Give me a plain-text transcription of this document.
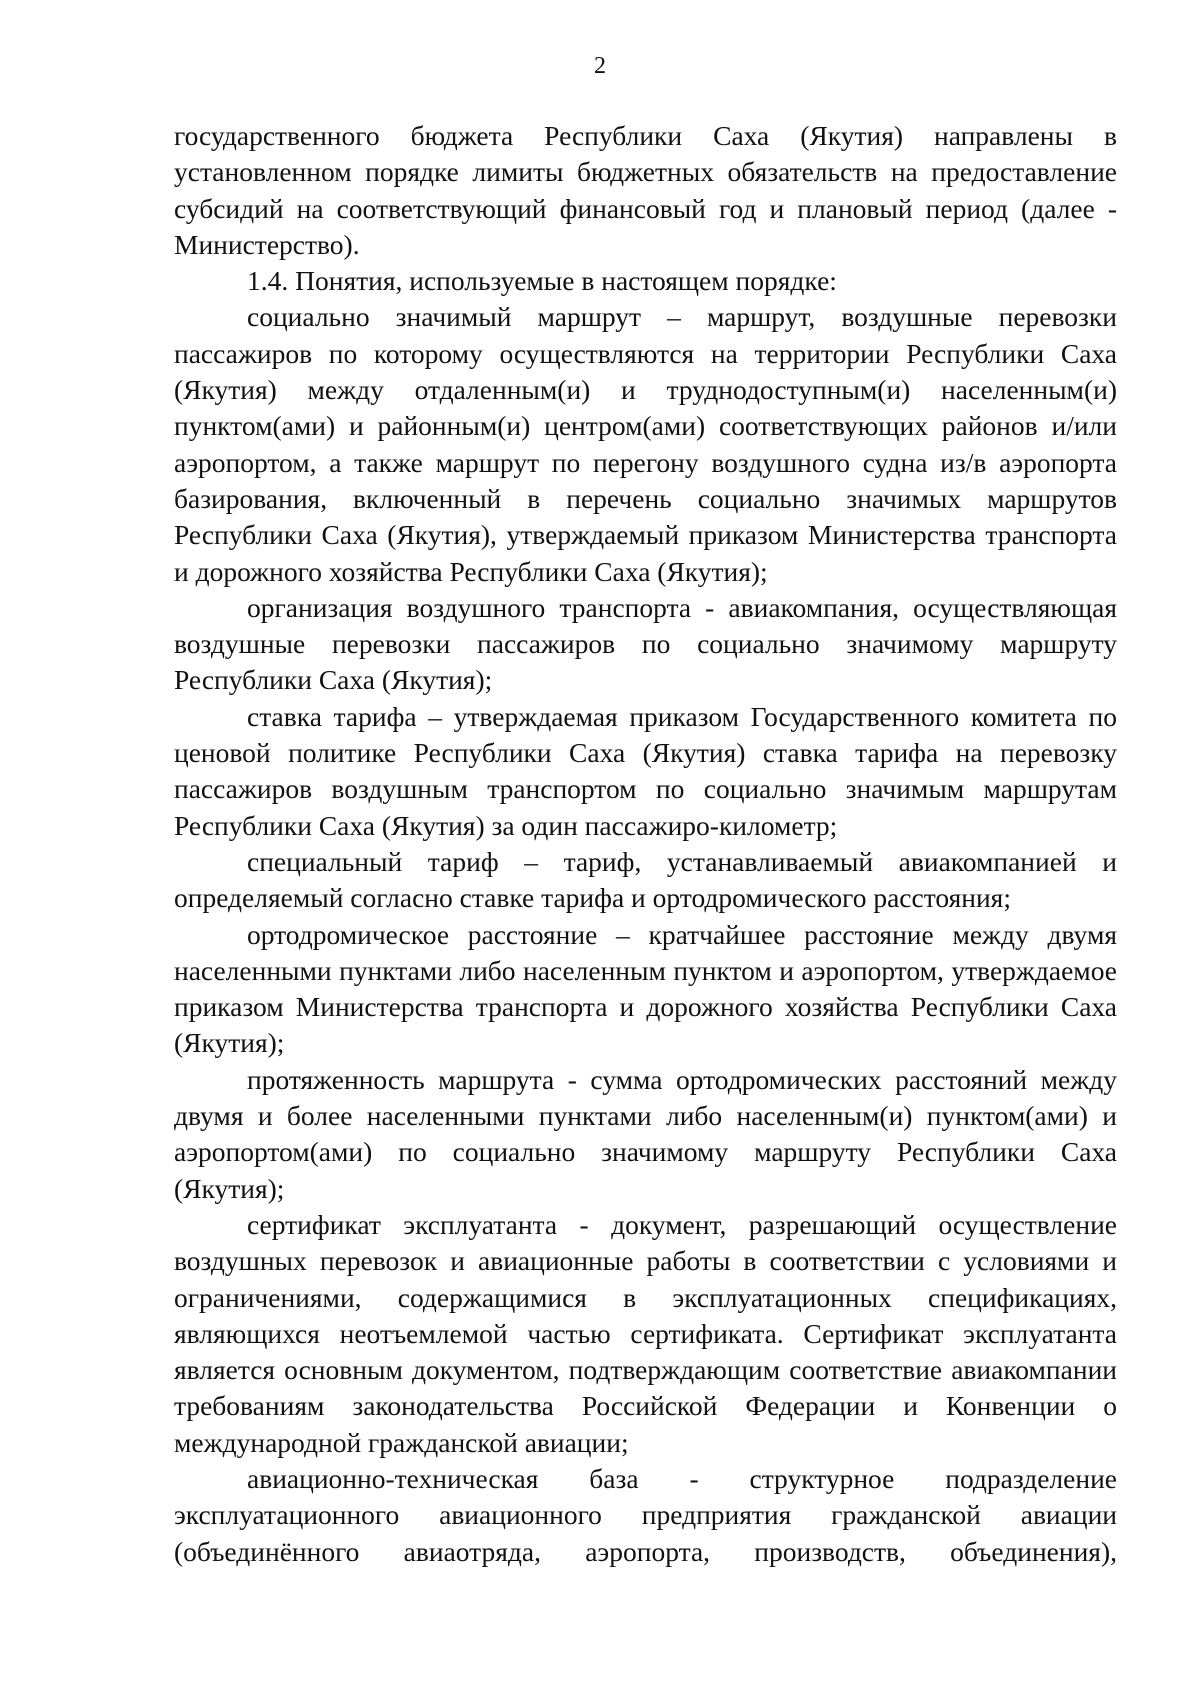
2

государственного бюджета Республики Саха (Якутия) направлены в установленном порядке лимиты бюджетных обязательств на предоставление субсидий на соответствующий финансовый год и плановый период (далее - Министерство).

1.4. Понятия, используемые в настоящем порядке:

социально значимый маршрут – маршрут, воздушные перевозки пассажиров по которому осуществляются на территории Республики Саха (Якутия) между отдаленным(и) и труднодоступным(и) населенным(и) пунктом(ами) и районным(и) центром(ами) соответствующих районов и/или аэропортом, а также маршрут по перегону воздушного судна из/в аэропорта базирования, включенный в перечень социально значимых маршрутов Республики Саха (Якутия), утверждаемый приказом Министерства транспорта и дорожного хозяйства Республики Саха (Якутия);

организация воздушного транспорта - авиакомпания, осуществляющая воздушные перевозки пассажиров по социально значимому маршруту Республики Саха (Якутия);

ставка тарифа – утверждаемая приказом Государственного комитета по ценовой политике Республики Саха (Якутия) ставка тарифа на перевозку пассажиров воздушным транспортом по социально значимым маршрутам Республики Саха (Якутия) за один пассажиро-километр;

специальный тариф – тариф, устанавливаемый авиакомпанией и определяемый согласно ставке тарифа и ортодромического расстояния;

ортодромическое расстояние – кратчайшее расстояние между двумя населенными пунктами либо населенным пунктом и аэропортом, утверждаемое приказом Министерства транспорта и дорожного хозяйства Республики Саха (Якутия);

протяженность маршрута - сумма ортодромических расстояний между двумя и более населенными пунктами либо населенным(и) пунктом(ами) и аэропортом(ами) по социально значимому маршруту Республики Саха (Якутия);

сертификат эксплуатанта - документ, разрешающий осуществление воздушных перевозок и авиационные работы в соответствии с условиями и ограничениями, содержащимися в эксплуатационных спецификациях, являющихся неотъемлемой частью сертификата. Сертификат эксплуатанта является основным документом, подтверждающим соответствие авиакомпании требованиям законодательства Российской Федерации и Конвенции о международной гражданской авиации;

авиационно-техническая база - структурное подразделение эксплуатационного авиационного предприятия гражданской авиации (объединённого авиаотряда, аэропорта, производств, объединения),
